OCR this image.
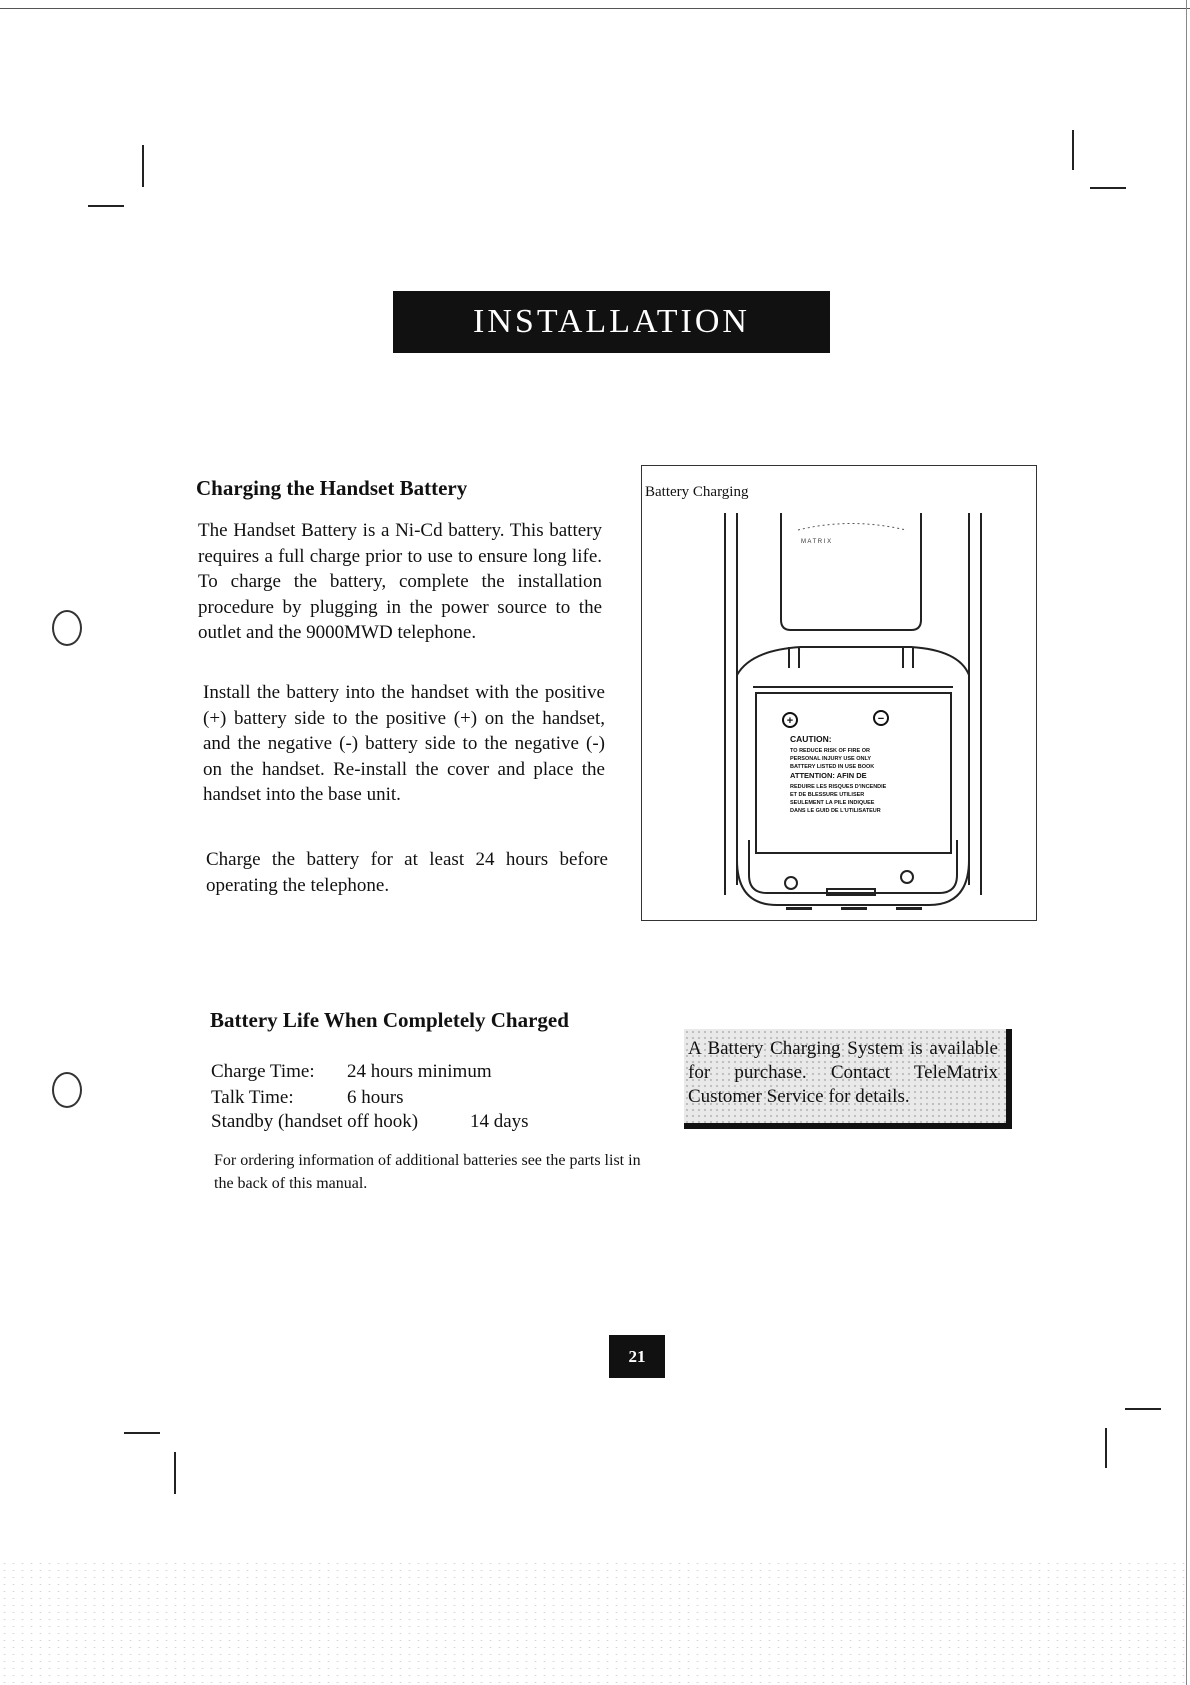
INSTALLATION
Charging the Handset Battery

The Handset Battery is a Ni-Cd battery. This battery requires a full charge prior to use to ensure long life. To charge the battery, complete the installation procedure by plugging in the power source to the outlet and the 9000MWD telephone.

Install the battery into the handset with the positive (+) battery side to the positive (+) on the handset, and the negative (-) battery side to the negative (-) on the handset. Re-install the cover and place the handset into the base unit.

Charge the battery for at least 24 hours before operating the telephone.

Battery Charging
M A T R I X
+	−
CAUTION:
TO REDUCE RISK OF FIRE OR
PERSONAL INJURY USE ONLY
BATTERY LISTED IN USE BOOK
ATTENTION: AFIN DE
REDUIRE LES RISQUES D'INCENDIE
ET DE BLESSURE UTILISER
SEULEMENT LA PILE INDIQUEE
DANS LE GUID DE L'UTILISATEUR
Battery Life When Completely Charged
Charge Time: 24 hours minimum
Talk Time:	6 hours
Standby (handset off hook)	14 days

For ordering information of additional batteries see the parts list in the back of this manual.

A Battery Charging System is available for purchase. Contact TeleMatrix Customer Service for details.
21
